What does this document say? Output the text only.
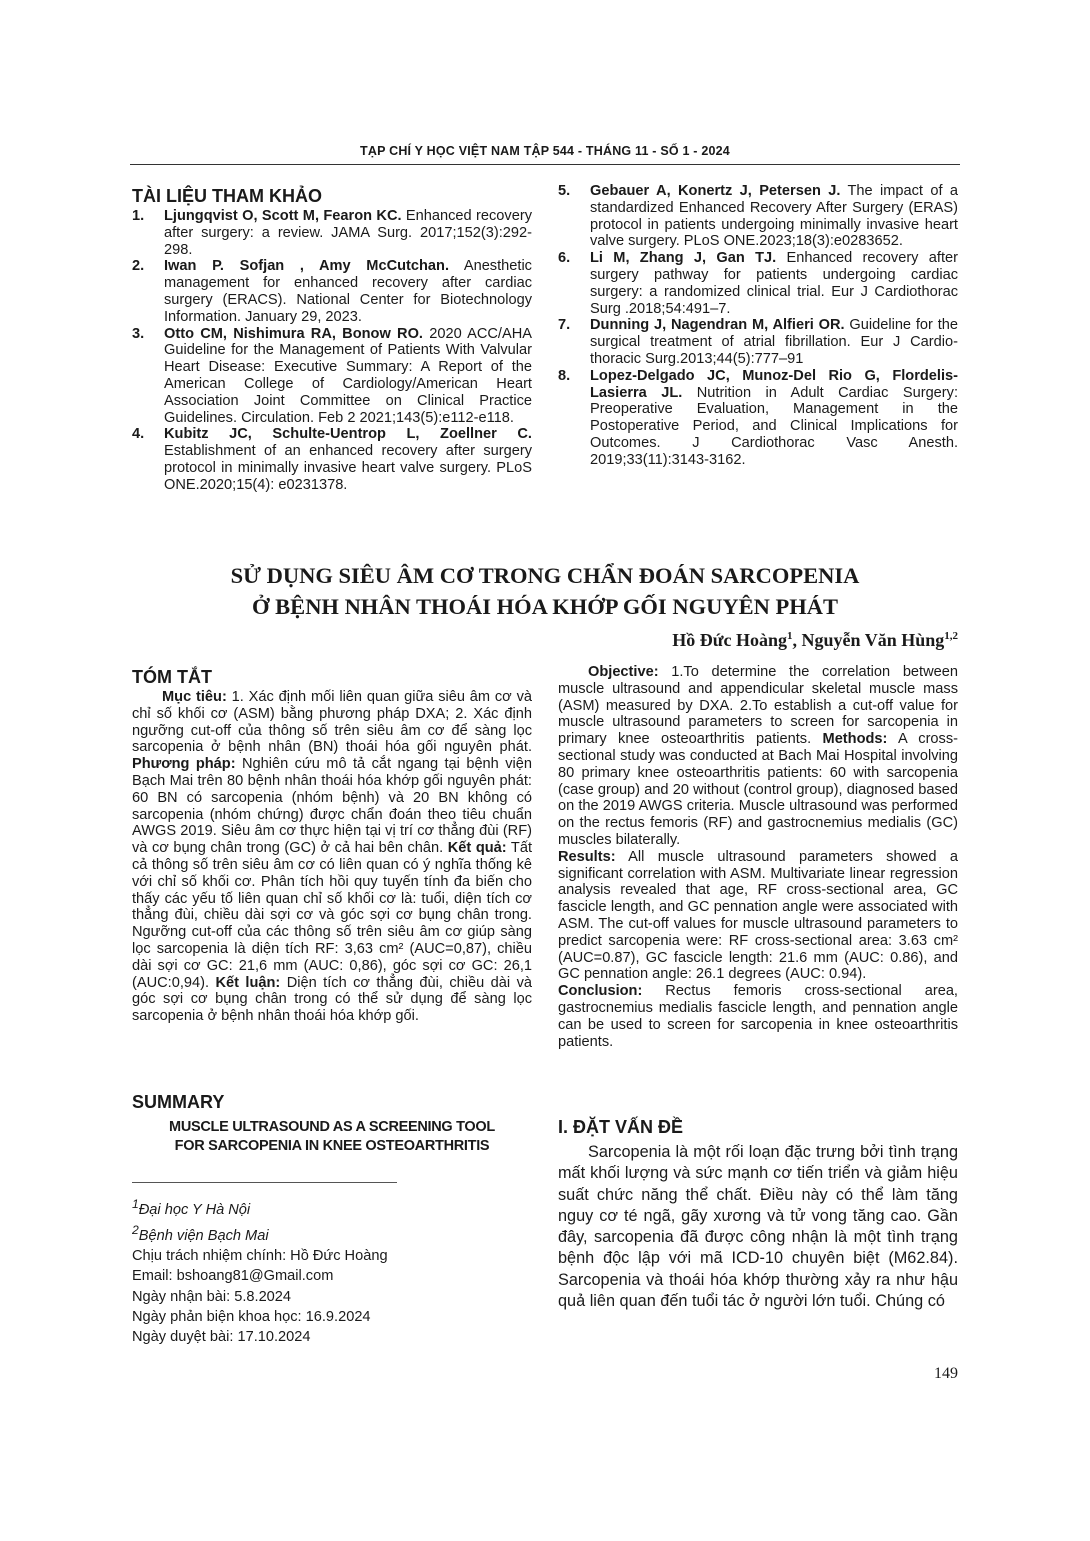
TẠP CHÍ Y HỌC VIỆT NAM TẬP 544 - THÁNG 11 - SỐ 1 - 2024
TÀI LIỆU THAM KHẢO
1.	Ljungqvist O, Scott M, Fearon KC. Enhanced recovery after surgery: a review. JAMA Surg. 2017;152(3):292-298.
2.	Iwan P. Sofjan , Amy McCutchan. Anesthetic management for enhanced recovery after cardiac surgery (ERACS). National Center for Biotechnology Information. January 29, 2023.
3.	Otto CM, Nishimura RA, Bonow RO. 2020 ACC/AHA Guideline for the Management of Patients With Valvular Heart Disease: Executive Summary: A Report of the American College of Cardiology/American Heart Association Joint Committee on Clinical Practice Guidelines. Circulation. Feb 2 2021;143(5):e112-e118.
4.	Kubitz JC, Schulte-Uentrop L, Zoellner C. Establishment of an enhanced recovery after surgery protocol in minimally invasive heart valve surgery. PLoS ONE.2020;15(4): e0231378.
5.	Gebauer A, Konertz J, Petersen J. The impact of a standardized Enhanced Recovery After Surgery (ERAS) protocol in patients undergoing minimally invasive heart valve surgery. PLoS ONE.2023;18(3):e0283652.
6.	Li M, Zhang J, Gan TJ. Enhanced recovery after surgery pathway for patients undergoing cardiac surgery: a randomized clinical trial. Eur J Cardiothorac Surg .2018;54:491–7.
7.	Dunning J, Nagendran M, Alfieri OR. Guideline for the surgical treatment of atrial fibrillation. Eur J Cardio-thoracic Surg.2013;44(5):777–91
8.	Lopez-Delgado JC, Munoz-Del Rio G, Flordelis-Lasierra JL. Nutrition in Adult Cardiac Surgery: Preoperative Evaluation, Management in the Postoperative Period, and Clinical Implications for Outcomes. J Cardiothorac Vasc Anesth. 2019;33(11):3143-3162.
SỬ DỤNG SIÊU ÂM CƠ TRONG CHẨN ĐOÁN SARCOPENIA
Ở BỆNH NHÂN THOÁI HÓA KHỚP GỐI NGUYÊN PHÁT
Hồ Đức Hoàng$^1$, Nguyễn Văn Hùng$^{1,2}$
TÓM TẮT

Mục tiêu: 1. Xác định mối liên quan giữa siêu âm cơ và chỉ số khối cơ (ASM) bằng phương pháp DXA; 2. Xác định ngưỡng cut-off của thông số trên siêu âm cơ để sàng lọc sarcopenia ở bệnh nhân (BN) thoái hóa gối nguyên phát. Phương pháp: Nghiên cứu mô tả cắt ngang tại bệnh viện Bạch Mai trên 80 bệnh nhân thoái hóa khớp gối nguyên phát: 60 BN có sarcopenia (nhóm bệnh) và 20 BN không có sarcopenia (nhóm chứng) được chẩn đoán theo tiêu chuẩn AWGS 2019. Siêu âm cơ thực hiện tại vị trí cơ thẳng đùi (RF) và cơ bụng chân trong (GC) ở cả hai bên chân. Kết quả: Tất cả thông số trên siêu âm cơ có liên quan có ý nghĩa thống kê với chỉ số khối cơ. Phân tích hồi quy tuyến tính đa biến cho thấy các yếu tố liên quan chỉ số khối cơ là: tuổi, diện tích cơ thẳng đùi, chiều dài sợi cơ và góc sợi cơ bụng chân trong. Ngưỡng cut-off của các thông số trên siêu âm cơ giúp sàng lọc sarcopenia là diện tích RF: 3,63 cm² (AUC=0,87), chiều dài sợi cơ GC: 21,6 mm (AUC: 0,86), góc sợi cơ GC: 26,1 (AUC:0,94). Kết luận: Diện tích cơ thẳng đùi, chiều dài và góc sợi cơ bụng chân trong có thể sử dụng để sàng lọc sarcopenia ở bệnh nhân thoái hóa khớp gối.

SUMMARY
MUSCLE ULTRASOUND AS A SCREENING TOOL
FOR SARCOPENIA IN KNEE OSTEOARTHRITIS
$^1$Đại học Y Hà Nội
$^2$Bệnh viện Bạch Mai
Chịu trách nhiệm chính: Hồ Đức Hoàng
Email: bshoang81@Gmail.com
Ngày nhận bài: 5.8.2024
Ngày phản biện khoa học: 16.9.2024
Ngày duyệt bài: 17.10.2024

Objective: 1.To determine the correlation between muscle ultrasound and appendicular skeletal muscle mass (ASM) measured by DXA. 2.To establish a cut-off value for muscle ultrasound parameters to screen for sarcopenia in primary knee osteoarthritis patients. Methods: A cross-sectional study was conducted at Bach Mai Hospital involving 80 primary knee osteoarthritis patients: 60 with sarcopenia (case group) and 20 without (control group), diagnosed based on the 2019 AWGS criteria. Muscle ultrasound was performed on the rectus femoris (RF) and gastrocnemius medialis (GC) muscles bilaterally.
Results: All muscle ultrasound parameters showed a significant correlation with ASM. Multivariate linear regression analysis revealed that age, RF cross-sectional area, GC fascicle length, and GC pennation angle were associated with ASM. The cut-off values for muscle ultrasound parameters to predict sarcopenia were: RF cross-sectional area: 3.63 cm² (AUC=0.87), GC fascicle length: 21.6 mm (AUC: 0.86), and GC pennation angle: 26.1 degrees (AUC: 0.94).
Conclusion: Rectus femoris cross-sectional area, gastrocnemius medialis fascicle length, and pennation angle can be used to screen for sarcopenia in knee osteoarthritis patients.

I. ĐẶT VẤN ĐỀ

Sarcopenia là một rối loạn đặc trưng bởi tình trạng mất khối lượng và sức mạnh cơ tiến triển và giảm hiệu suất chức năng thể chất. Điều này có thể làm tăng nguy cơ té ngã, gãy xương và tử vong tăng cao. Gần đây, sarcopenia đã được công nhận là một tình trạng bệnh độc lập với mã ICD-10 chuyên biệt (M62.84). Sarcopenia và thoái hóa khớp thường xảy ra như hậu quả liên quan đến tuổi tác ở người lớn tuổi. Chúng có

149
